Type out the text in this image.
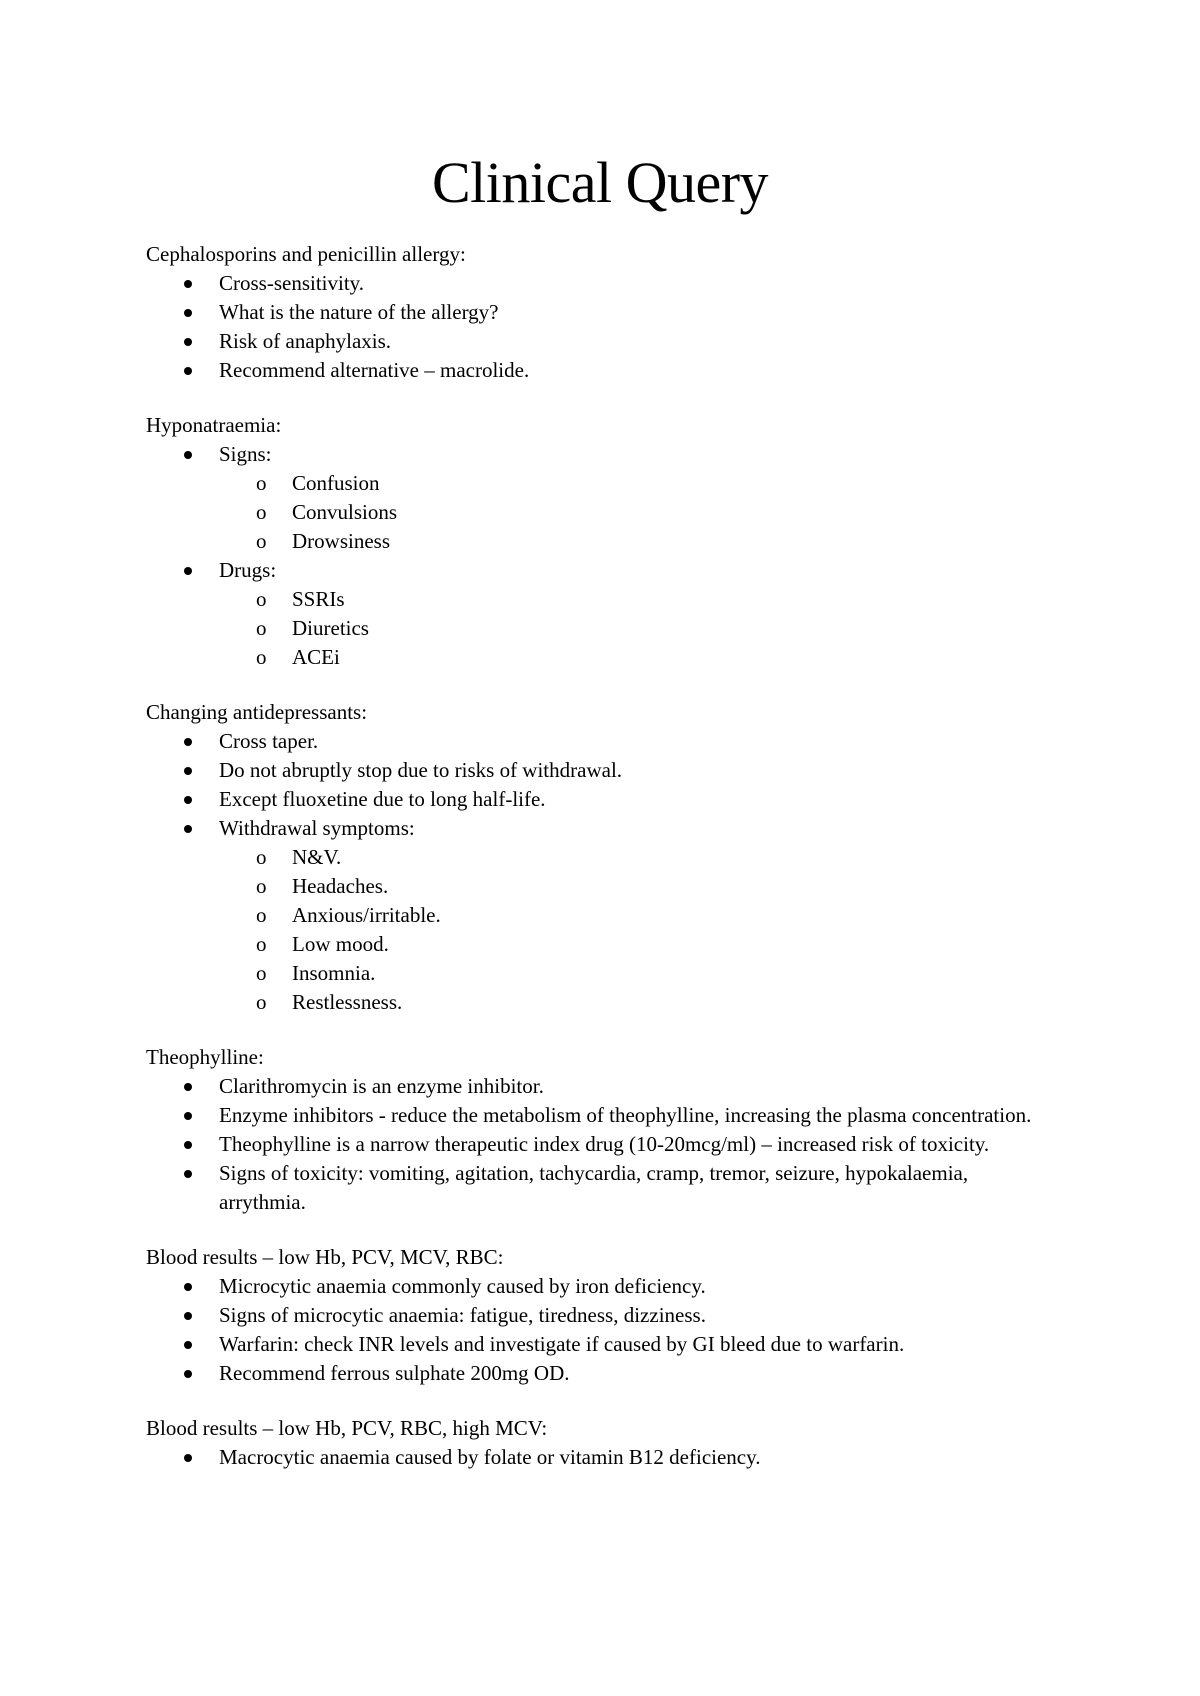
Clinical Query
Cephalosporins and penicillin allergy:
Cross-sensitivity.
What is the nature of the allergy?
Risk of anaphylaxis.
Recommend alternative – macrolide.
Hyponatraemia:
Signs:
o Confusion
o Convulsions
o Drowsiness
Drugs:
o SSRIs
o Diuretics
o ACEi
Changing antidepressants:
Cross taper.
Do not abruptly stop due to risks of withdrawal.
Except fluoxetine due to long half-life.
Withdrawal symptoms:
o N&V.
o Headaches.
o Anxious/irritable.
o Low mood.
o Insomnia.
o Restlessness.
Theophylline:
Clarithromycin is an enzyme inhibitor.
Enzyme inhibitors - reduce the metabolism of theophylline, increasing the plasma concentration.
Theophylline is a narrow therapeutic index drug (10-20mcg/ml) – increased risk of toxicity.
Signs of toxicity: vomiting, agitation, tachycardia, cramp, tremor, seizure, hypokalaemia, arrythmia.
Blood results – low Hb, PCV, MCV, RBC:
Microcytic anaemia commonly caused by iron deficiency.
Signs of microcytic anaemia: fatigue, tiredness, dizziness.
Warfarin: check INR levels and investigate if caused by GI bleed due to warfarin.
Recommend ferrous sulphate 200mg OD.
Blood results – low Hb, PCV, RBC, high MCV:
Macrocytic anaemia caused by folate or vitamin B12 deficiency.
